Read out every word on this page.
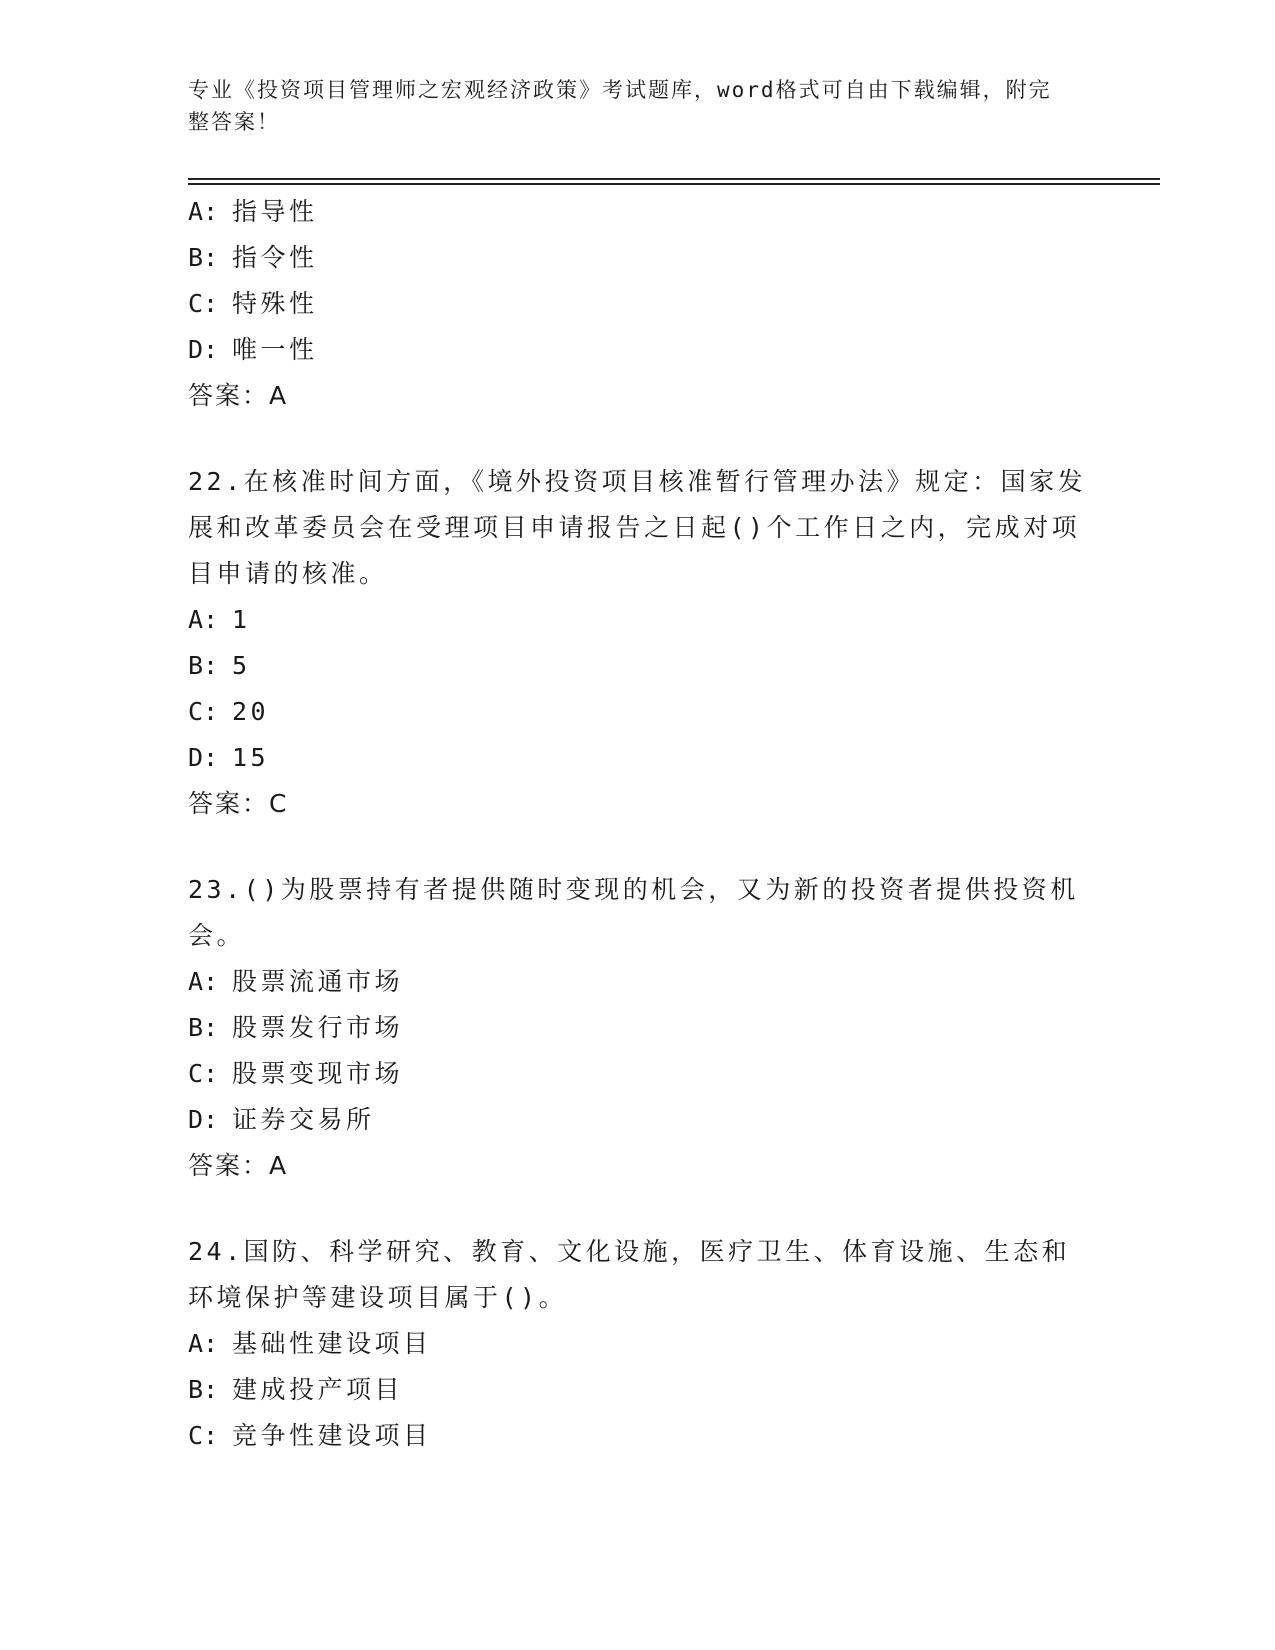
专业《投资项目管理师之宏观经济政策》考试题库，word格式可自由下载编辑，附完整答案！
A: 指导性
B: 指令性
C: 特殊性
D: 唯一性
答案：A
22.在核准时间方面，《境外投资项目核准暂行管理办法》规定：国家发展和改革委员会在受理项目申请报告之日起()个工作日之内，完成对项目申请的核准。
A: 1
B: 5
C: 20
D: 15
答案：C
23.()为股票持有者提供随时变现的机会，又为新的投资者提供投资机会。
A: 股票流通市场
B: 股票发行市场
C: 股票变现市场
D: 证券交易所
答案：A
24.国防、科学研究、教育、文化设施，医疗卫生、体育设施、生态和环境保护等建设项目属于()。
A: 基础性建设项目
B: 建成投产项目
C: 竞争性建设项目
